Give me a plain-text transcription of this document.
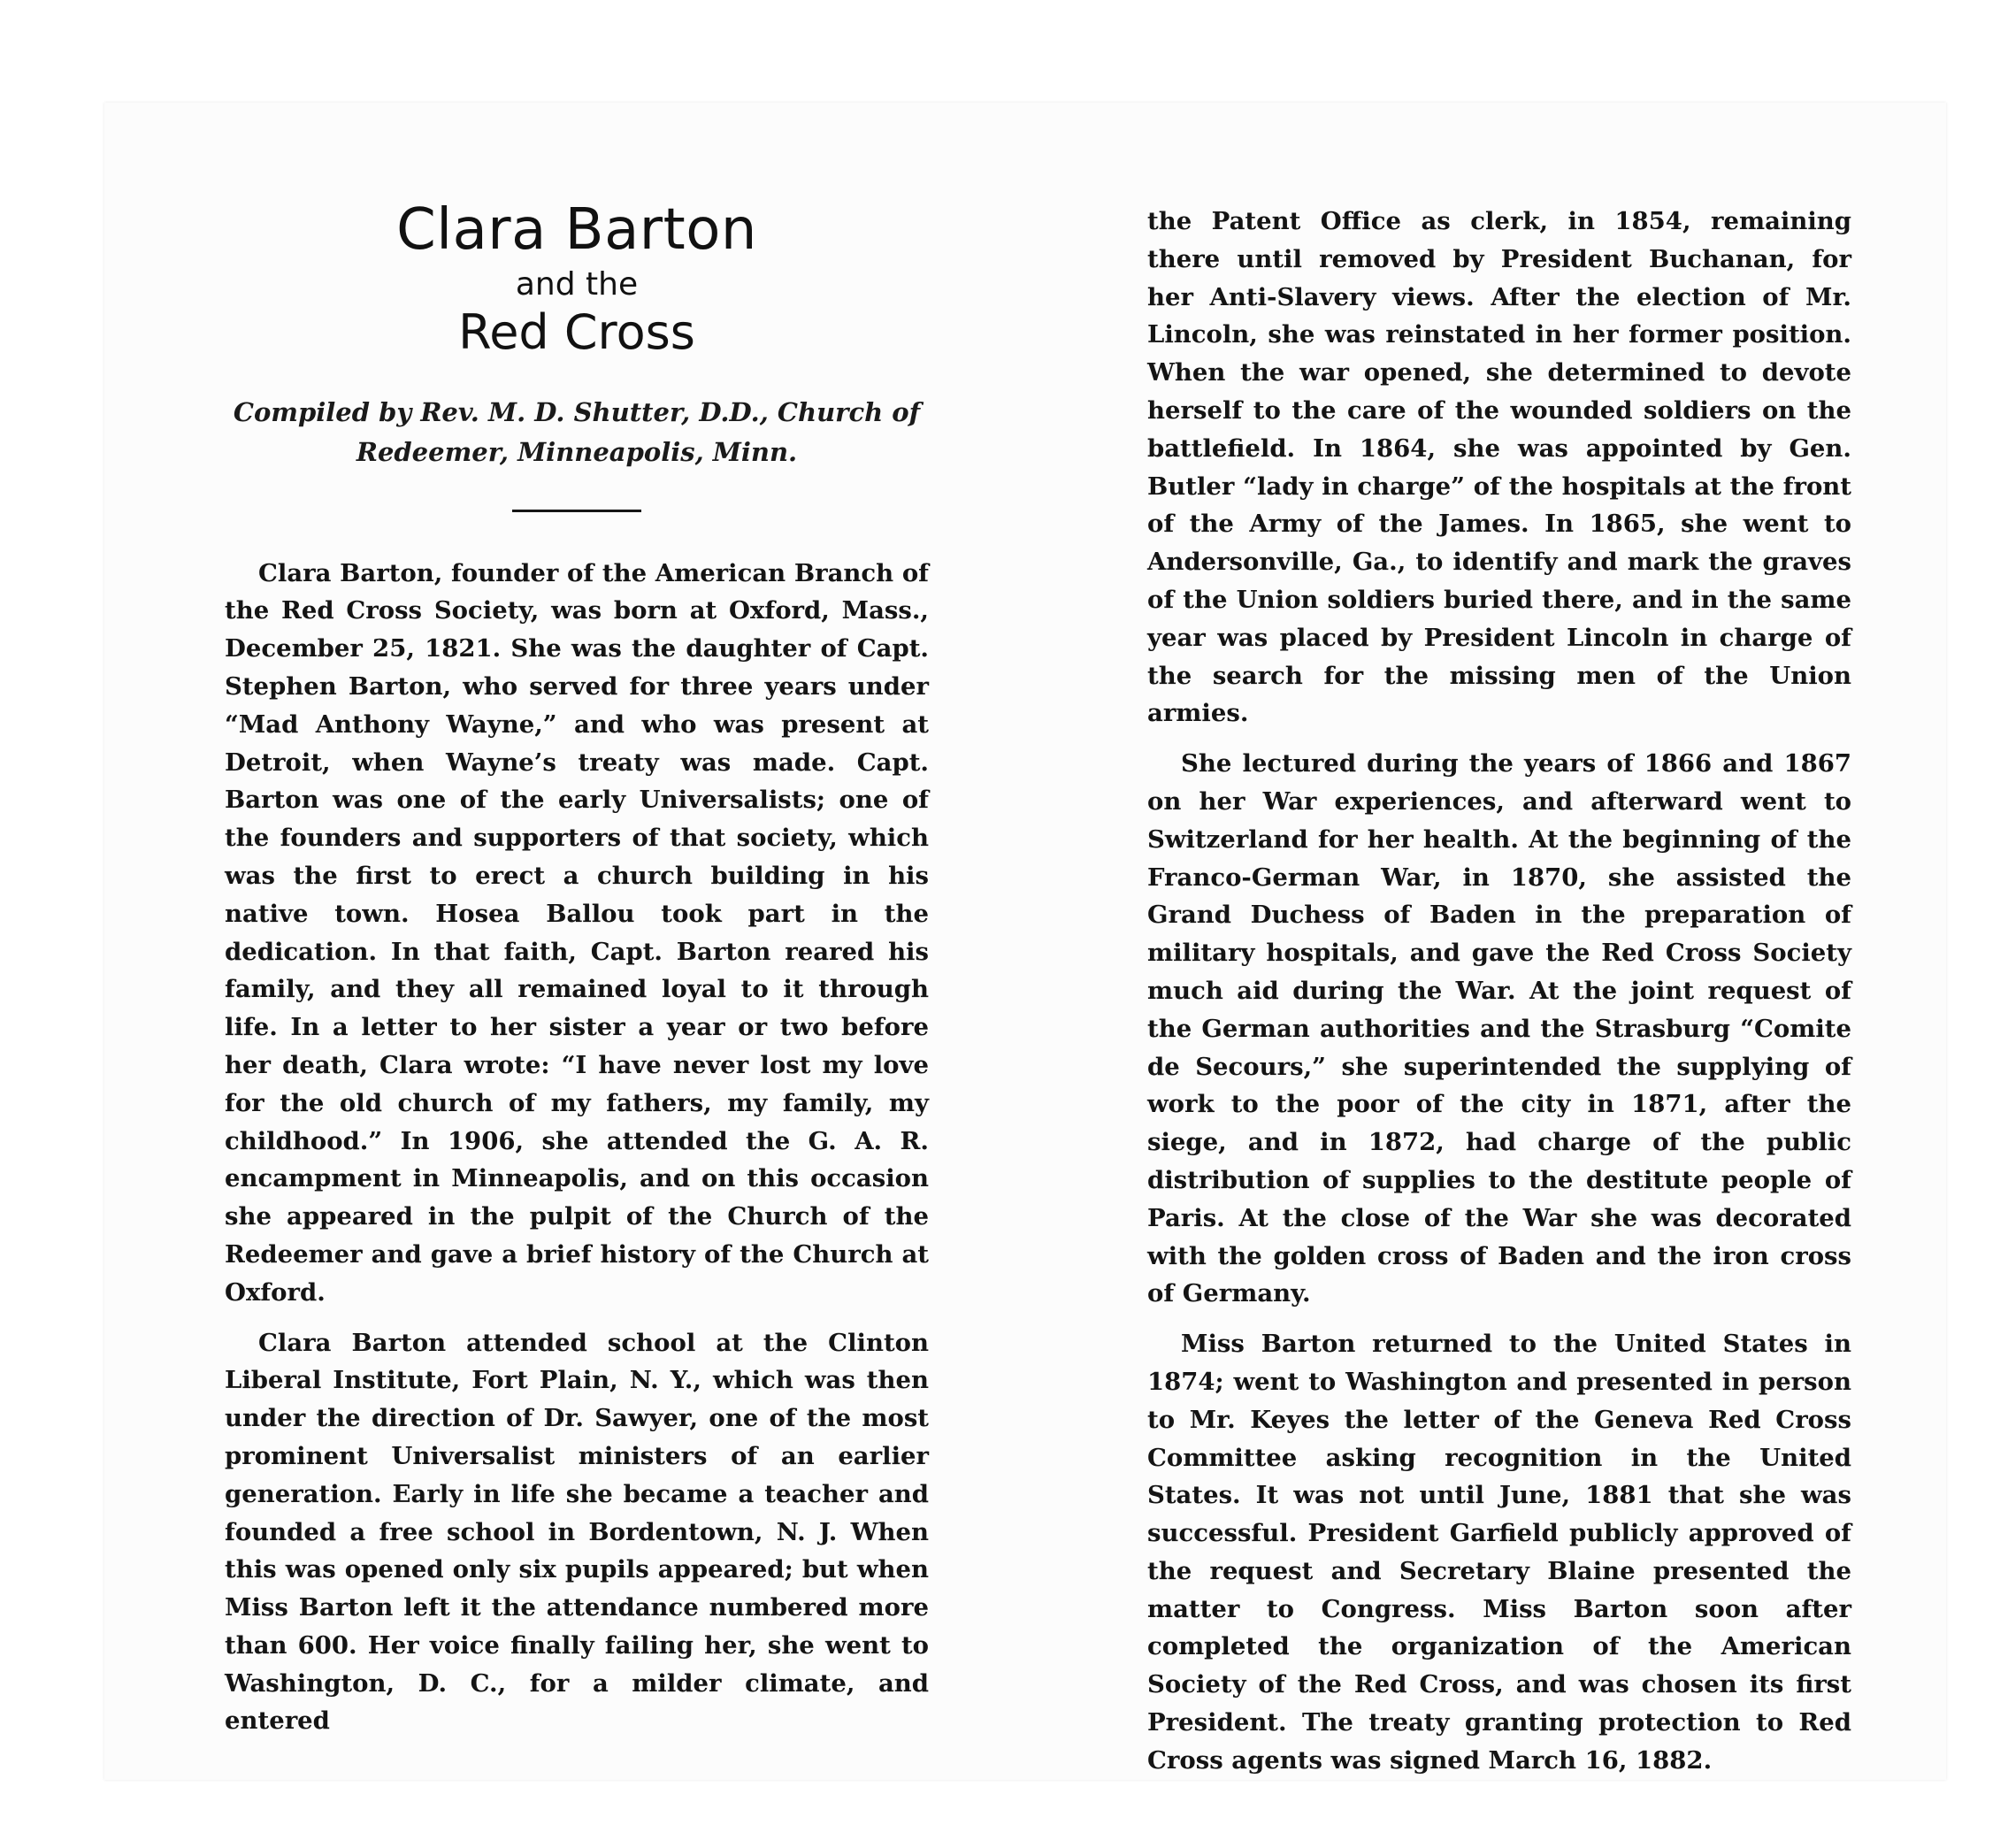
Clara Barton
and the
Red Cross

Compiled by Rev. M. D. Shutter, D.D., Church of
Redeemer, Minneapolis, Minn.

Clara Barton, founder of the American Branch of the Red Cross Society, was born at Oxford, Mass., December 25, 1821. She was the daughter of Capt. Stephen Barton, who served for three years under “Mad Anthony Wayne,” and who was present at Detroit, when Wayne’s treaty was made. Capt. Barton was one of the early Universalists; one of the founders and supporters of that society, which was the first to erect a church building in his native town. Hosea Ballou took part in the dedication. In that faith, Capt. Barton reared his family, and they all remained loyal to it through life. In a letter to her sister a year or two before her death, Clara wrote: “I have never lost my love for the old church of my fathers, my family, my childhood.” In 1906, she attended the G. A. R. encampment in Minneapolis, and on this occasion she appeared in the pulpit of the Church of the Redeemer and gave a brief history of the Church at Oxford.

Clara Barton attended school at the Clinton Liberal Institute, Fort Plain, N. Y., which was then under the direction of Dr. Sawyer, one of the most prominent Universalist ministers of an earlier generation. Early in life she became a teacher and founded a free school in Bordentown, N. J. When this was opened only six pupils appeared; but when Miss Barton left it the attendance numbered more than 600. Her voice finally failing her, she went to Washington, D. C., for a milder climate, and entered

the Patent Office as clerk, in 1854, remaining there until removed by President Buchanan, for her Anti-Slavery views. After the election of Mr. Lincoln, she was reinstated in her former position. When the war opened, she determined to devote herself to the care of the wounded soldiers on the battlefield. In 1864, she was appointed by Gen. Butler “lady in charge” of the hospitals at the front of the Army of the James. In 1865, she went to Andersonville, Ga., to identify and mark the graves of the Union soldiers buried there, and in the same year was placed by President Lincoln in charge of the search for the missing men of the Union armies.

She lectured during the years of 1866 and 1867 on her War experiences, and afterward went to Switzerland for her health. At the beginning of the Franco-German War, in 1870, she assisted the Grand Duchess of Baden in the preparation of military hospitals, and gave the Red Cross Society much aid during the War. At the joint request of the German authorities and the Strasburg “Comite de Secours,” she superintended the supplying of work to the poor of the city in 1871, after the siege, and in 1872, had charge of the public distribution of supplies to the destitute people of Paris. At the close of the War she was decorated with the golden cross of Baden and the iron cross of Germany.

Miss Barton returned to the United States in 1874; went to Washington and presented in person to Mr. Keyes the letter of the Geneva Red Cross Committee asking recognition in the United States. It was not until June, 1881 that she was successful. President Garfield publicly approved of the request and Secretary Blaine presented the matter to Congress. Miss Barton soon after completed the organization of the American Society of the Red Cross, and was chosen its first President. The treaty granting protection to Red Cross agents was signed March 16, 1882.
